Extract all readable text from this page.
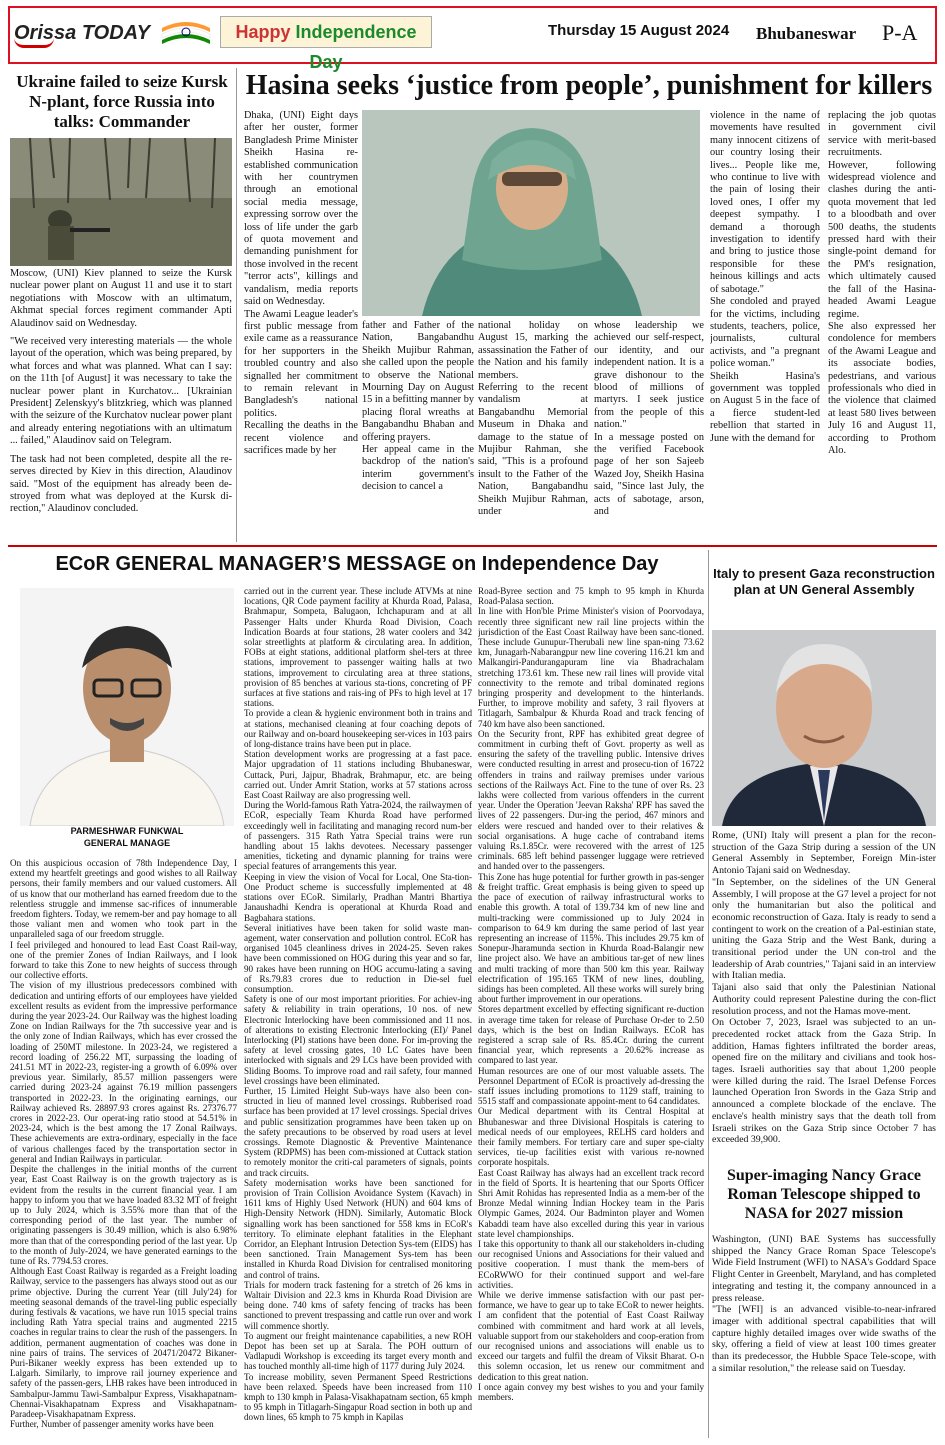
Orissa TODAY	Happy Independence Day
Thursday 15 August 2024	Bhubaneswar	P-A
Ukraine failed to seize Kursk N-plant, force Russia into talks: Commander

Moscow, (UNI) Kiev planned to seize the Kursk nuclear power plant on August 11 and use it to start negotiations with Moscow with an ultimatum, Akhmat special forces regiment commander Apti Alaudinov said on Wednesday.

"We received very interesting materials — the whole layout of the operation, which was being prepared, by what forces and what was planned. What can I say: on the 11th [of August] it was necessary to take the nuclear power plant in Kurchatov... [Ukrainian President] Zelenskyy's blitzkrieg, which was planned with the seizure of the Kurchatov nuclear power plant and already entering negotiations with an ultimatum ... failed," Alaudinov said on Telegram.

The task had not been completed, despite all the re-serves directed by Kiev in this direction, Alaudinov said. "Most of the equipment has already been de-stroyed from what was deployed at the Kursk di-rection," Alaudinov concluded.

Hasina seeks ‘justice from people’, punishment for killers
Dhaka, (UNI) Eight days after her ouster, former Bangladesh Prime Minister Sheikh Hasina re-established communication with her countrymen through an emotional social media message, expressing sorrow over the loss of life under the garb of quota movement and demanding punishment for those involved in the recent "terror acts", killings and vandalism, media reports said on Wednesday.
The Awami League leader's first public message from exile came as a reassurance for her supporters in the troubled country and also signalled her commitment to remain relevant in Bangladesh's national politics.
Recalling the deaths in the recent violence and sacrifices made by her
father and Father of the Nation, Bangabandhu Sheikh Mujibur Rahman, she called upon the people to observe the National Mourning Day on August 15 in a befitting manner by placing floral wreaths at Bangabandhu Bhaban and offering prayers.
Her appeal came in the backdrop of the nation's interim government's decision to cancel a
national holiday on August 15, marking the assassination the Father of the Nation and his family members.
Referring to the recent vandalism at Bangabandhu Memorial Museum in Dhaka and damage to the statue of Mujibur Rahman, she said, "This is a profound insult to the Father of the Nation, Bangabandhu Sheikh Mujibur Rahman, under
whose leadership we achieved our self-respect, our identity, and our independent nation. It is a grave dishonour to the blood of millions of martyrs. I seek justice from the people of this nation."
In a message posted on the verified Facebook page of her son Sajeeb Wazed Joy, Sheikh Hasina said, "Since last July, the acts of sabotage, arson, and
violence in the name of movements have resulted many innocent citizens of our country losing their lives... People like me, who continue to live with the pain of losing their loved ones, I offer my deepest sympathy. I demand a thorough investigation to identify and bring to justice those responsible for these heinous killings and acts of sabotage."
She condoled and prayed for the victims, including students, teachers, police, journalists, cultural activists, and "a pregnant police woman."
Sheikh Hasina's government was toppled on August 5 in the face of a fierce student-led rebellion that started in June with the demand for
replacing the job quotas in government civil service with merit-based recruitments.
However, following widespread violence and clashes during the anti-quota movement that led to a bloodbath and over 500 deaths, the students pressed hard with their single-point demand for the PM's resignation, which ultimately caused the fall of the Hasina-headed Awami League regime.
She also expressed her condolence for members of the Awami League and its associate bodies, pedestrians, and various professionals who died in the violence that claimed at least 580 lives between July 16 and August 11, according to Prothom Alo.
ECoR GENERAL MANAGER’S MESSAGE on Independence Day
PARMESHWAR FUNKWAL
GENERAL MANAGE
On this auspicious occasion of 78th Independence Day, I extend my heartfelt greetings and good wishes to all Railway persons, their family members and our valued customers. All of us know that our motherland has earned freedom due to the relentless struggle and immense sac-rifices of innumerable freedom fighters. Today, we remem-ber and pay homage to all those valiant men and women who took part in the unparalleled saga of our freedom struggle.
I feel privileged and honoured to lead East Coast Rail-way, one of the premier Zones of Indian Railways, and I look forward to take this Zone to new heights of success through our collective efforts.
The vision of my illustrious predecessors combined with dedication and untiring efforts of our employees have yielded excellent results as evident from the impressive performance during the year 2023-24. Our Railway was the highest loading Zone on Indian Railways for the 7th successive year and is the only zone of Indian Railways, which has ever crossed the loading of 250MT milestone. In 2023-24, we registered a record loading of 256.22 MT, surpassing the loading of 241.51 MT in 2022-23, register-ing a growth of 6.09% over previous year. Similarly, 85.57 million passengers were carried during 2023-24 against 76.19 million passengers transported in 2022-23. In the originating earnings, our Railway achieved Rs. 28897.93 crores against Rs. 27376.77 crores in 2022-23. Our operat-ing ratio stood at 54.51% in 2023-24, which is the best among the 17 Zonal Railways. These achievements are extra-ordinary, especially in the face of various challenges faced by the transportation sector in general and Indian Railways in particular.
Despite the challenges in the initial months of the current year, East Coast Railway is on the growth trajectory as is evident from the results in the current financial year. I am happy to inform you that we have loaded 83.32 MT of freight up to July 2024, which is 3.55% more than that of the corresponding period of the last year. The number of originating passengers is 30.49 million, which is also 6.98% more than that of the corresponding period of the last year. Up to the month of July-2024, we have generated earnings to the tune of Rs. 7794.53 crores.
Although East Coast Railway is regarded as a Freight loading Railway, service to the passengers has always stood out as our prime objective. During the current Year (till July'24) for meeting seasonal demands of the travel-ling public especially during festivals & vacations, we have run 1015 special trains including Rath Yatra special trains and augmented 2215 coaches in regular trains to clear the rush of the passengers. In addition, permanent augmentation of coaches was done in nine pairs of trains. The services of 20471/20472 Bikaner-Puri-Bikaner weekly express has been extended up to Lalgarh. Similarly, to improve rail journey experience and safety of the passen-gers, LHB rakes have been introduced in Sambalpur-Jammu Tawi-Sambalpur Express, Visakhapatnam-Chennai-Visakhapatnam Express and Visakhapatnam-Paradeep-Visakhapatnam Express.
Further, Number of passenger amenity works have been
carried out in the current year. These include ATVMs at nine locations, QR Code payment facility at Khurda Road, Palasa, Brahmapur, Sompeta, Balugaon, Ichchapuram and at all Passenger Halts under Khurda Road Division, Coach Indication Boards at four stations, 28 water coolers and 342 solar streetlights at platform & circulating area. In addition, FOBs at eight stations, additional platform shel-ters at three stations, improvement to passenger waiting halls at two stations, improvement to circulating area at three stations, provision of 85 benches at various sta-tions, concreting of PF surfaces at five stations and rais-ing of PFs to high level at 17 stations.
To provide a clean & hygienic environment both in trains and at stations, mechanised cleaning at four coaching depots of our Railway and on-board housekeeping ser-vices in 103 pairs of long-distance trains have been put in place.
Station development works are progressing at a fast pace. Major upgradation of 11 stations including Bhubaneswar, Cuttack, Puri, Jajpur, Bhadrak, Brahmapur, etc. are being carried out. Under Amrit Station, works at 57 stations across East Coast Railway are also progressing well.
During the World-famous Rath Yatra-2024, the railwaymen of ECoR, especially Team Khurda Road have performed exceedingly well in facilitating and managing record num-ber of passengers. 315 Rath Yatra Special trains were run handling about 15 lakhs devotees. Necessary passenger amenities, ticketing and dynamic planning for trains were special features of arrangements this year.
Keeping in view the vision of Vocal for Local, One Sta-tion-One Product scheme is successfully implemented at 48 stations over ECoR. Similarly, Pradhan Mantri Bhartiya Janaushadhi Kendra is operational at Khurda Road and Bagbahara stations.
Several initiatives have been taken for solid waste man-agement, water conservation and pollution control. ECoR has organised 1045 cleanliness drives in 2024-25. Seven rakes have been commissioned on HOG during this year and so far, 90 rakes have been running on HOG accumu-lating a saving of Rs.79.83 crores due to reduction in Die-sel fuel consumption.
Safety is one of our most important priorities. For achiev-ing safety & reliability in train operations, 10 nos. of new Electronic Interlocking have been commissioned and 11 nos. of alterations to existing Electronic Interlocking (EI)/ Panel Interlocking (PI) stations have been done. For im-proving the safety at level crossing gates, 10 LC Gates have been interlocked with signals and 29 LCs have been provided with Sliding Booms. To improve road and rail safety, four manned level crossings have been eliminated.
Further, 15 Limited Height Sub-ways have also been con-structed in lieu of manned level crossings. Rubberised road surface has been provided at 17 level crossings. Special drives and public sensitization programmes have been taken up on the safety precautions to be observed by road users at level crossings. Remote Diagnostic & Preventive Maintenance System (RDPMS) has been com-missioned at Cuttack station to remotely monitor the criti-cal parameters of signals, points and track circuits.
Safety modernisation works have been sanctioned for provision of Train Collision Avoidance System (Kavach) in 1611 kms of Highly Used Network (HUN) and 604 kms of High-Density Network (HDN). Similarly, Automatic Block signalling work has been sanctioned for 558 kms in ECoR's territory. To eliminate elephant fatalities in the Elephant Corridor, an Elephant Intrusion Detection Sys-tem (EIDS) has been sanctioned. Train Management Sys-tem has been installed in Khurda Road Division for centralised monitoring and control of trains.
Trials for modern track fastening for a stretch of 26 kms in Waltair Division and 22.3 kms in Khurda Road Division are being done. 740 kms of safety fencing of tracks has been sanctioned to prevent trespassing and cattle run over and work will commence shortly.
To augment our freight maintenance capabilities, a new ROH Depot has been set up at Sarala. The POH outturn of Vadlapudi Workshop is exceeding its target every month and has touched monthly all-time high of 1177 during July 2024.
To increase mobility, seven Permanent Speed Restrictions have been relaxed. Speeds have been increased from 110 kmph to 130 kmph in Palasa-Visakhapatnam section, 65 kmph to 95 kmph in Titlagarh-Singapur Road section in both up and down lines, 65 kmph to 75 kmph in Kapilas
Road-Byree section and 75 kmph to 95 kmph in Khurda Road-Palasa section.
In line with Hon'ble Prime Minister's vision of Poorvodaya, recently three significant new rail line projects within the jurisdiction of the East Coast Railway have been sanc-tioned. These include Gunupur-Therubali new line span-ning 73.62 km, Junagarh-Nabarangpur new line covering 116.21 km and Malkangiri-Pandurangapuram line via Bhadrachalam stretching 173.61 km. These new rail lines will provide vital connectivity to the remote and tribal dominated regions bringing prosperity and development to the hinterlands. Further, to improve mobility and safety, 3 rail flyovers at Titlagarh, Sambalpur & Khurda Road and track fencing of 740 km have also been sanctioned.
On the Security front, RPF has exhibited great degree of commitment in curbing theft of Govt. property as well as ensuring the safety of the travelling public. Intensive drives were conducted resulting in arrest and prosecu-tion of 16722 offenders in trains and railway premises under various sections of the Railways Act. Fine to the tune of over Rs. 23 lakhs were collected from various offenders in the current year. Under the Operation 'Jeevan Raksha' RPF has saved the lives of 22 passengers. Dur-ing the period, 467 minors and elders were rescued and handed over to their relatives & social organisations. A huge cache of contraband items valuing Rs.1.85Cr. were recovered with the arrest of 125 criminals. 685 left behind passenger luggage were retrieved and handed over to the passengers.
This Zone has huge potential for further growth in pas-senger & freight traffic. Great emphasis is being given to speed up the pace of execution of railway infrastructural works to enable this growth. A total of 139.734 km of new line and multi-tracking were commissioned up to July 2024 in comparison to 64.9 km during the same period of last year representing an increase of 115%. This includes 29.75 km of Sonepur-Jharamunda section in Khurda Road-Balangir new line project also. We have an ambitious tar-get of new lines and multi tracking of more than 500 km this year. Railway electrification of 195.165 TKM of new lines, doubling, sidings has been completed. All these works will surely bring about further improvement in our operations.
Stores department excelled by effecting significant re-duction in average time taken for release of Purchase Or-der to 2.50 days, which is the best on Indian Railways. ECoR has registered a scrap sale of Rs. 85.4Cr. during the current financial year, which represents a 20.62% increase as compared to last year.
Human resources are one of our most valuable assets. The Personnel Department of ECoR is proactively ad-dressing the staff issues including promotions to 1129 staff, training to 5515 staff and compassionate appoint-ment to 64 candidates.
Our Medical department with its Central Hospital at Bhubaneswar and three Divisional Hospitals is catering to medical needs of our employees, RELHS card holders and their family members. For tertiary care and super spe-cialty services, tie-up facilities exist with various re-nowned corporate hospitals.
East Coast Railway has always had an excellent track record in the field of Sports. It is heartening that our Sports Officer Shri Amit Rohidas has represented India as a mem-ber of the Bronze Medal winning Indian Hockey team in the Paris Olympic Games, 2024. Our Badminton player and Women Kabaddi team have also excelled during this year in various state level championships.
I take this opportunity to thank all our stakeholders in-cluding our recognised Unions and Associations for their valued and positive cooperation. I must thank the mem-bers of ECoRWWO for their continued support and wel-fare activities.
While we derive immense satisfaction with our past per-formance, we have to gear up to take ECoR to newer heights. I am confident that the potential of East Coast Railway combined with commitment and hard work at all levels, valuable support from our stakeholders and coop-eration from our recognised unions and associations will enable us to exceed our targets and fulfil the dream of Viksit Bharat. O-n this solemn occasion, let us renew our commitment and dedication to this great nation.
I once again convey my best wishes to you and your family members.
Italy to present Gaza reconstruction plan at UN General Assembly
Rome, (UNI) Italy will present a plan for the recon-struction of the Gaza Strip during a session of the UN General Assembly in September, Foreign Min-ister Antonio Tajani said on Wednesday.
"In September, on the sidelines of the UN General Assembly, I will propose at the G7 level a project for not only the humanitarian but also the political and economic reconstruction of Gaza. Italy is ready to send a contingent to work on the creation of a Pal-estinian state, uniting the Gaza Strip and the West Bank, during a transitional period under the UN con-trol and the leadership of Arab countries," Tajani said in an interview with Italian media.
Tajani also said that only the Palestinian National Authority could represent Palestine during the con-flict resolution process, and not the Hamas move-ment.
On October 7, 2023, Israel was subjected to an un-precedented rocket attack from the Gaza Strip. In addition, Hamas fighters infiltrated the border areas, opened fire on the military and civilians and took hos-tages. Israeli authorities say that about 1,200 people were killed during the raid. The Israel Defense Forces launched Operation Iron Swords in the Gaza Strip and announced a complete blockade of the enclave. The enclave's health ministry says that the death toll from Israeli strikes on the Gaza Strip since October 7 has exceeded 39,900.
Super-imaging Nancy Grace Roman Telescope shipped to NASA for 2027 mission
Washington, (UNI) BAE Systems has successfully shipped the Nancy Grace Roman Space Telescope's Wide Field Instrument (WFI) to NASA's Goddard Space Flight Center in Greenbelt, Maryland, and has completed integrating and testing it, the company announced in a press release.
"The [WFI] is an advanced visible-to-near-infrared imager with additional spectral capabilities that will capture highly detailed images over wide swaths of the sky, offering a field of view at least 100 times greater than its predecessor, the Hubble Space Tele-scope, with a similar resolution," the release said on Tuesday.
